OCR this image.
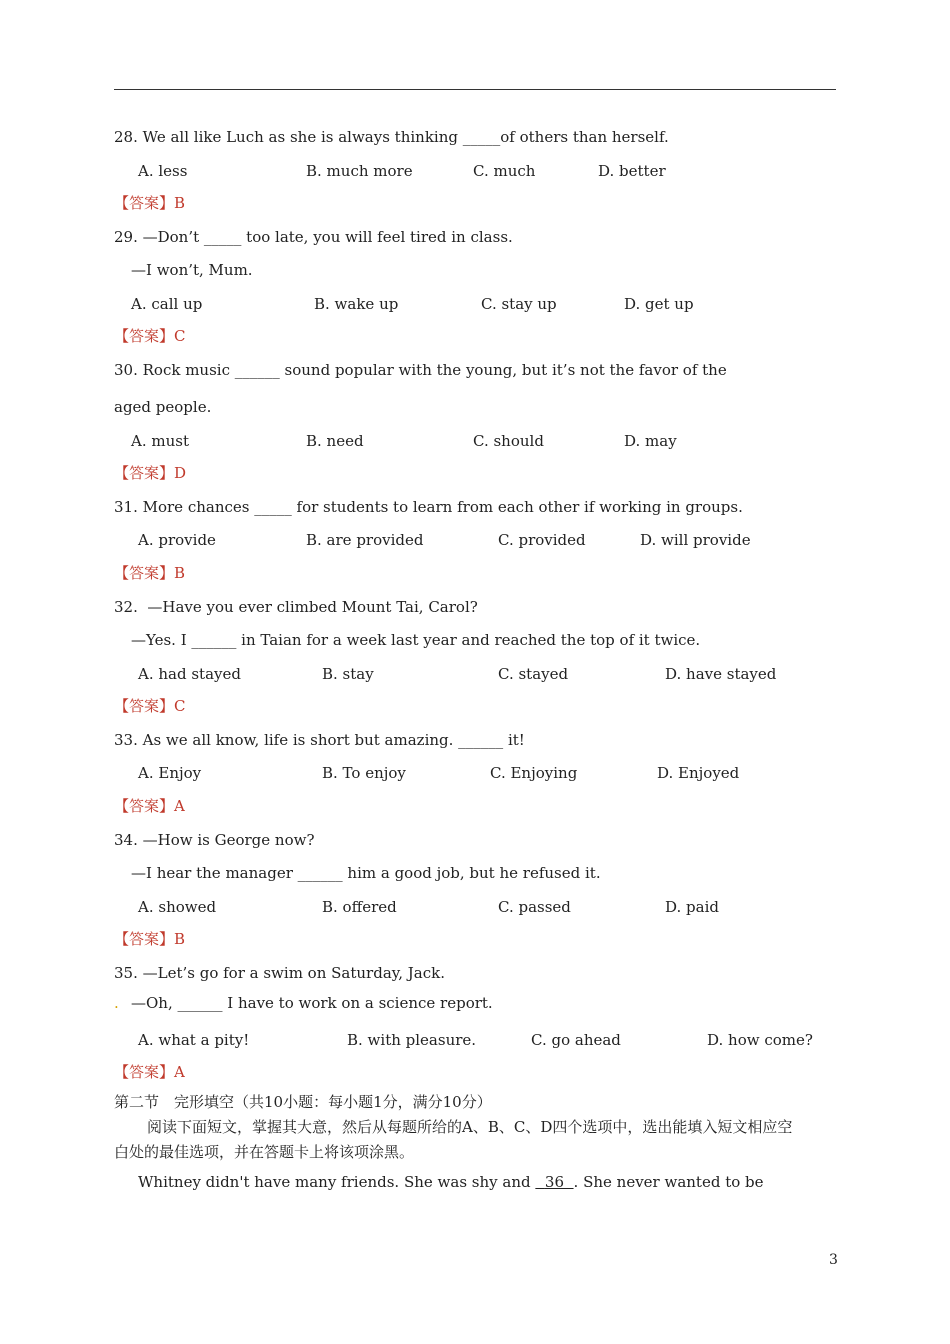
28. We all like Luch as she is always thinking _____of others than herself.
A. less	B. much more	C. much	D. better
【答案】B
29. —Don’t _____ too late, you will feel tired in class.
—I won’t, Mum.
A. call up	B. wake up	C. stay up	D. get up
【答案】C
30. Rock music ______ sound popular with the young, but it’s not the favor of the
aged people.
A. must	B. need	C. should	D. may
【答案】D
31. More chances _____ for students to learn from each other if working in groups.
A. provide	B. are provided	C. provided	D. will provide
【答案】B
32.  —Have you ever climbed Mount Tai, Carol?
—Yes. I ______ in Taian for a week last year and reached the top of it twice.
A. had stayed	B. stay	C. stayed	D. have stayed
【答案】C
33. As we all know, life is short but amazing. ______ it!
A. Enjoy	B. To enjoy	C. Enjoying	D. Enjoyed
【答案】A
34. —How is George now?
—I hear the manager ______ him a good job, but he refused it.
A. showed	B. offered	C. passed	D. paid
【答案】B
35. —Let’s go for a swim on Saturday, Jack.
. —Oh, ______ I have to work on a science report.
A. what a pity!	B. with pleasure.	C. go ahead	D. how come?
【答案】A
第二节　完形填空（共10小题：每小题1分，满分10分）
阅读下面短文，掌握其大意，然后从每题所给的A、B、C、D四个选项中，选出能填入短文相应空
白处的最佳选项，并在答题卡上将该项涂黑。
Whitney didn't have many friends. She was shy and   36 . She never wanted to be
3
